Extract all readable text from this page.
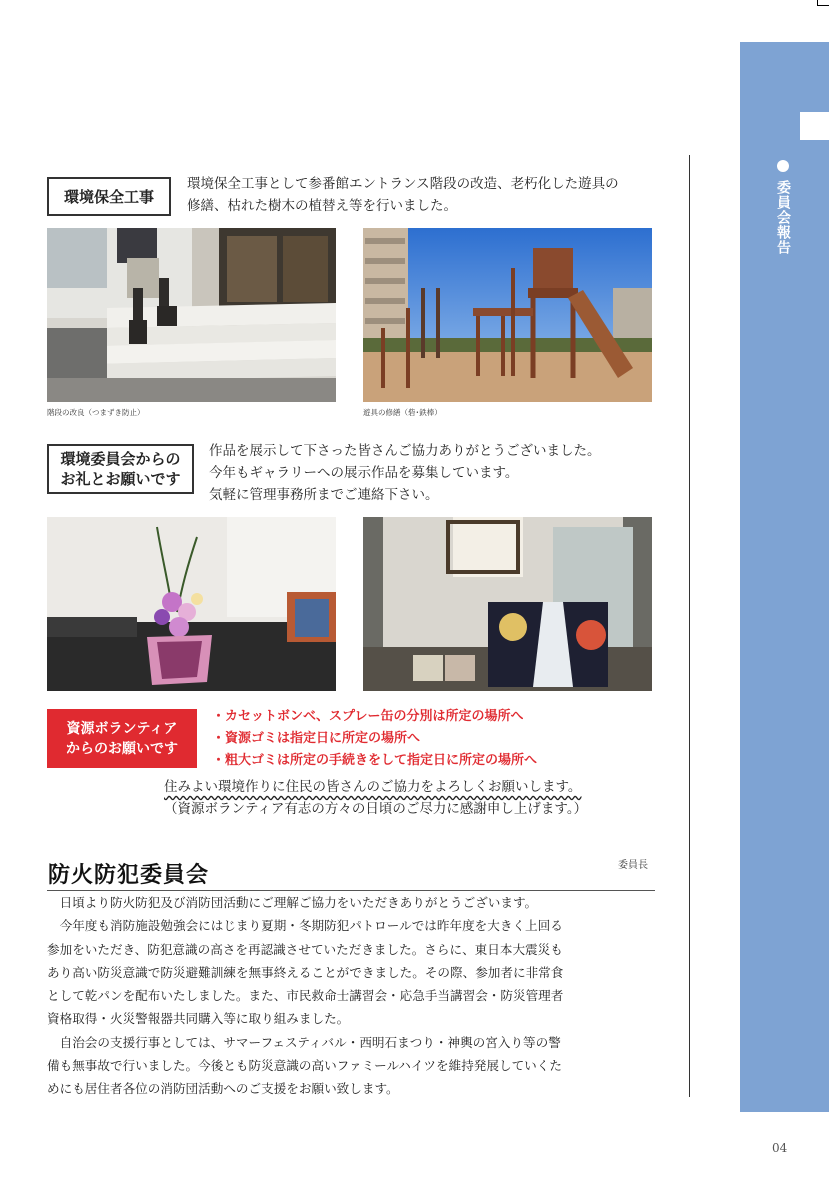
委員会報告
環境保全工事
環境保全工事として参番館エントランス階段の改造、老朽化した遊具の
修繕、枯れた樹木の植替え等を行いました。
階段の改良（つまずき防止）	遊具の修繕（砦･鉄棒）
環境委員会からの
お礼とお願いです
作品を展示して下さった皆さんご協力ありがとうございました。
今年もギャラリーへの展示作品を募集しています。
気軽に管理事務所までご連絡下さい。
資源ボランティア
からのお願いです
・カセットボンベ、スプレー缶の分別は所定の場所へ
・資源ゴミは指定日に所定の場所へ
・粗大ゴミは所定の手続きをして指定日に所定の場所へ
住みよい環境作りに住民の皆さんのご協力をよろしくお願いします。
（資源ボランティア有志の方々の日頃のご尽力に感謝申し上げます。）
防火防犯委員会	委員長

日頃より防火防犯及び消防団活動にご理解ご協力をいただきありがとうございます。

今年度も消防施設勉強会にはじまり夏期・冬期防犯パトロールでは昨年度を大きく上回る

参加をいただき、防犯意識の高さを再認識させていただきました。さらに、東日本大震災も

あり高い防災意識で防災避難訓練を無事終えることができました。その際、参加者に非常食

として乾パンを配布いたしました。また、市民救命士講習会・応急手当講習会・防災管理者

資格取得・火災警報器共同購入等に取り組みました。

自治会の支援行事としては、サマーフェスティバル・西明石まつり・神輿の宮入り等の警

備も無事故で行いました。今後とも防災意識の高いファミールハイツを維持発展していくた

めにも居住者各位の消防団活動へのご支援をお願い致します。

04
